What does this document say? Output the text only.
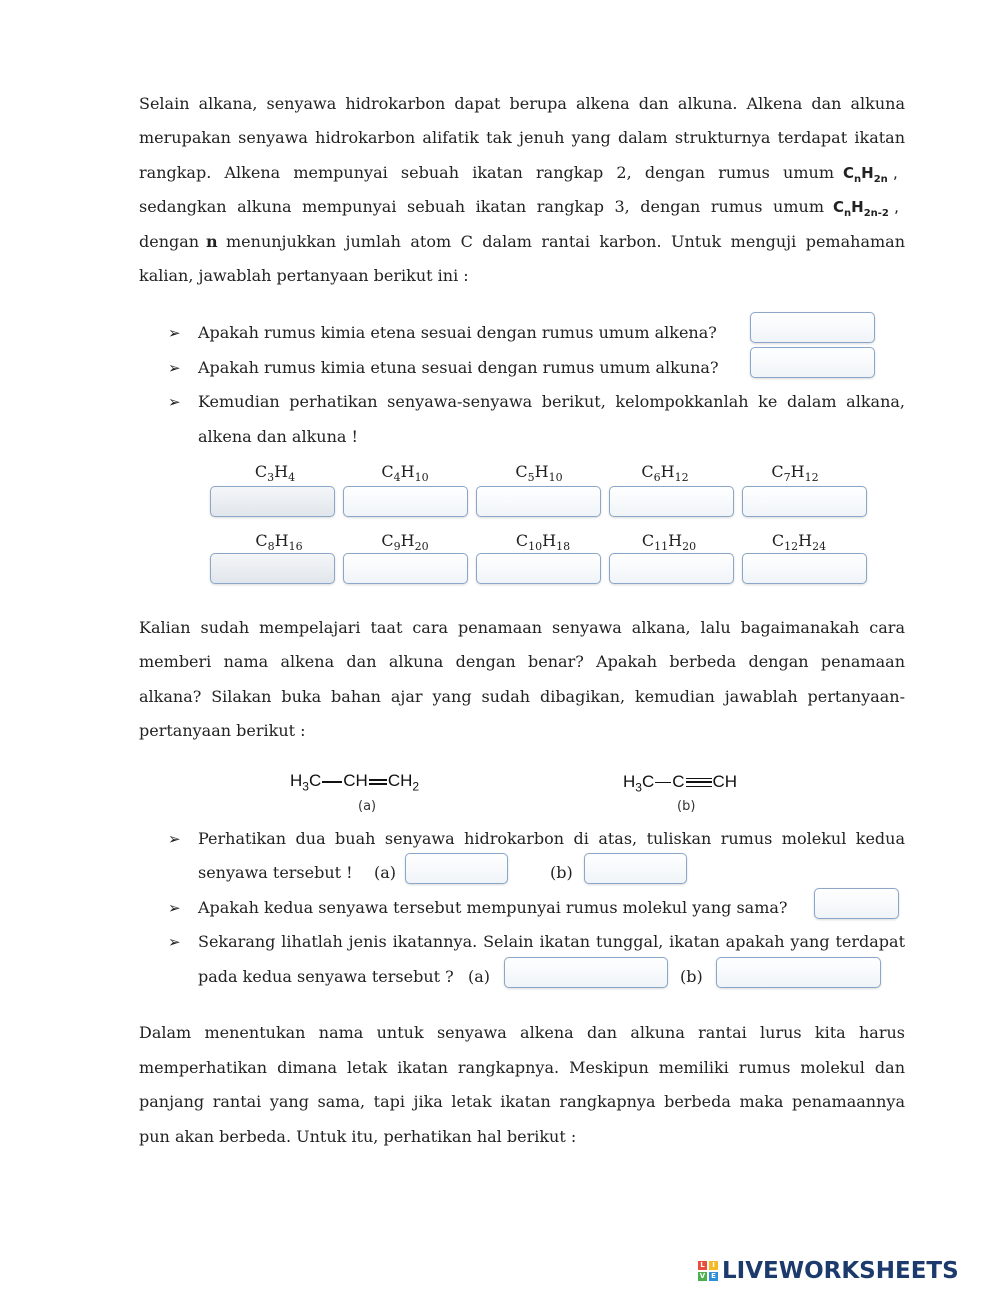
Selain alkana, senyawa hidrokarbon dapat berupa alkena dan alkuna. Alkena dan alkuna

merupakan senyawa hidrokarbon alifatik tak jenuh yang dalam strukturnya terdapat ikatan

rangkap. Alkena mempunyai sebuah ikatan rangkap 2, dengan rumus umum $C_nH_{2n}$ ,

sedangkan alkuna mempunyai sebuah ikatan rangkap 3, dengan rumus umum $C_nH_{2n-2}$ ,
dengan n menunjukkan jumlah atom C dalam rantai karbon. Untuk menguji pemahaman

kalian, jawablah pertanyaan berikut ini :

➢ Apakah rumus kimia etena sesuai dengan rumus umum alkena?

➢ Apakah rumus kimia etuna sesuai dengan rumus umum alkuna?

➢ Kemudian perhatikan senyawa-senyawa berikut, kelompokkanlah ke dalam alkana,

alkena dan alkuna !

$C_3H_4$	$C_4H_{10}$	$C_5H_{10}$	$C_6H_{12}$	$C_7H_{12}$
$C_8H_{16}$	$C_9H_{20}$	$C_{10}H_{18}$	$C_{11}H_{20}$	$C_{12}H_{24}$

Kalian sudah mempelajari taat cara penamaan senyawa alkana, lalu bagaimanakah cara

memberi nama alkena dan alkuna dengan benar? Apakah berbeda dengan penamaan

alkana? Silakan buka bahan ajar yang sudah dibagikan, kemudian jawablah pertanyaan-

pertanyaan berikut :

$H_3C$ CH $CH_2$
(a)
$H_3C$ C CH
(b)
➢ Perhatikan dua buah senyawa hidrokarbon di atas, tuliskan rumus molekul kedua

senyawa tersebut ! (a)	(b)
➢ Apakah kedua senyawa tersebut mempunyai rumus molekul yang sama?

➢ Sekarang lihatlah jenis ikatannya. Selain ikatan tunggal, ikatan apakah yang terdapat

pada kedua senyawa tersebut ? (a)	(b)

Dalam menentukan nama untuk senyawa alkena dan alkuna rantai lurus kita harus

memperhatikan dimana letak ikatan rangkapnya. Meskipun memiliki rumus molekul dan

panjang rantai yang sama, tapi jika letak ikatan rangkapnya berbeda maka penamaannya

pun akan berbeda. Untuk itu, perhatikan hal berikut :

L	I
V E LIVEWORKSHEETS
